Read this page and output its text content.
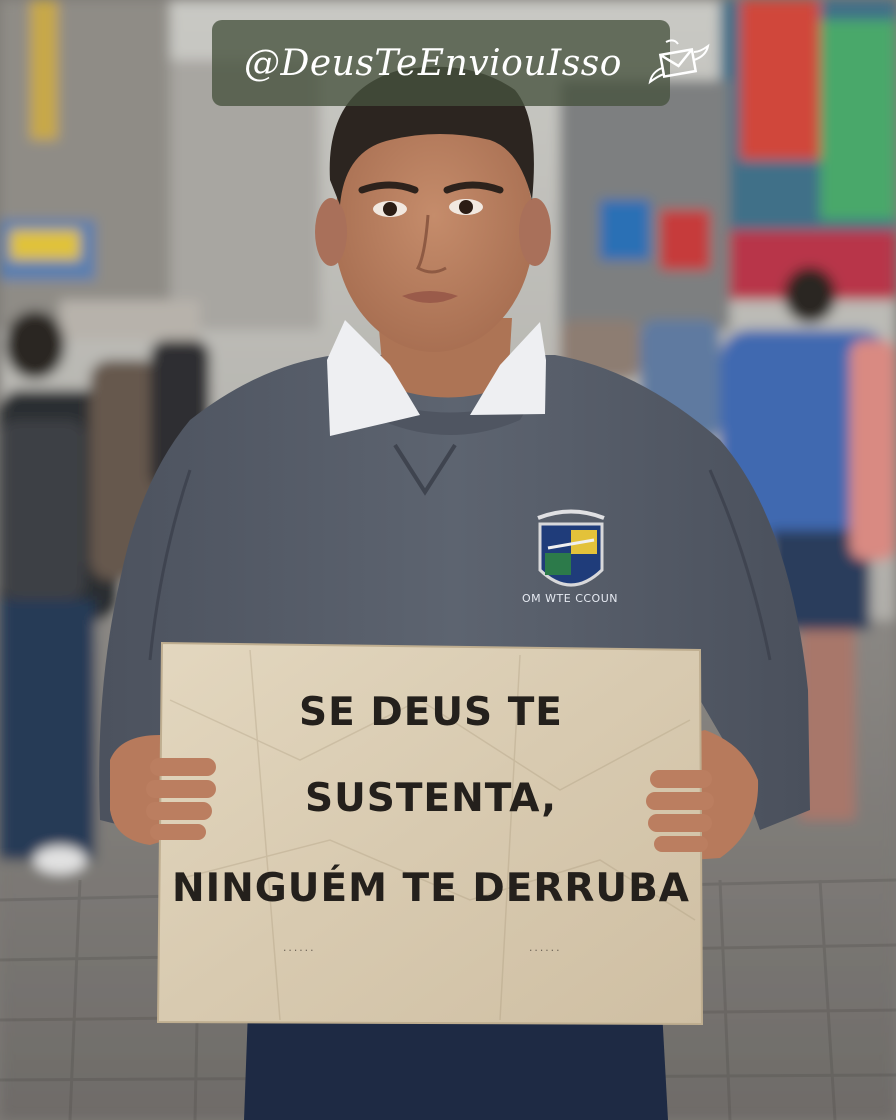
@DeusTeEnviouIsso
OM WTE CCOUN
SE DEUS TE
SUSTENTA,
NINGUÉM TE DERRUBA
......	......
